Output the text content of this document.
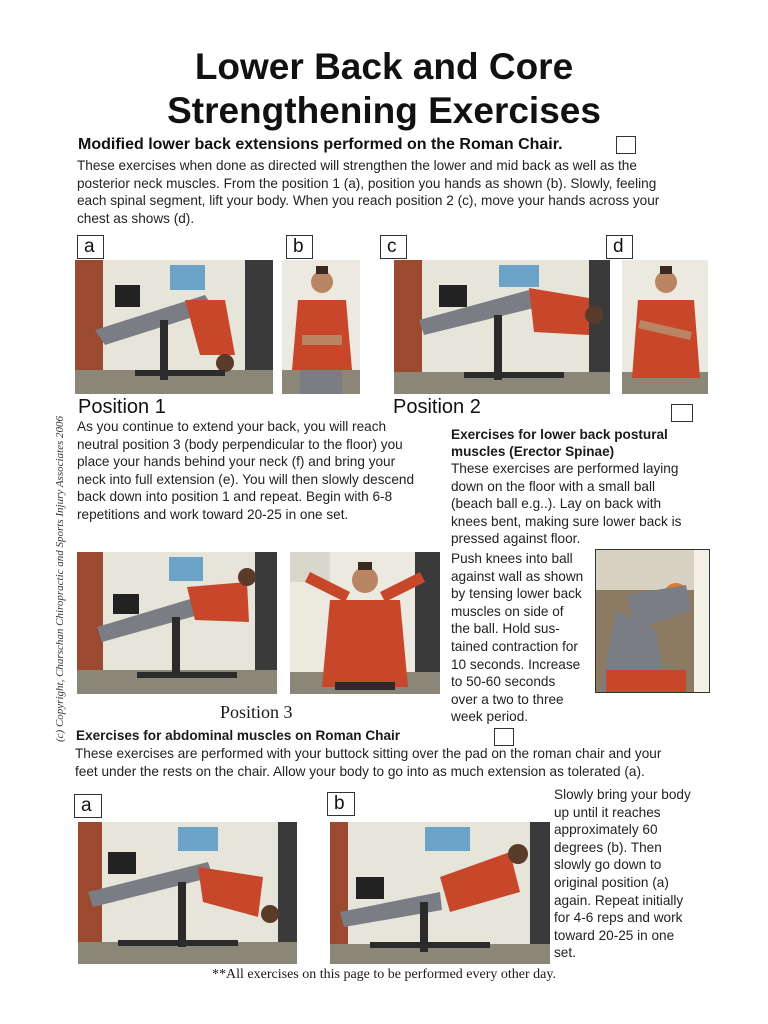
Lower Back and Core
Strengthening Exercises
(c) Copyright, Charschan Chiropractic and Sports Injury Associates 2006
Modified lower back extensions performed on the Roman Chair.
These exercises when done as directed will strengthen the lower and mid back as well as the
posterior neck muscles. From the position 1 (a), position you hands as shown (b). Slowly, feeling
each spinal segment, lift your body. When you reach position 2 (c), move your hands across your
chest as shows (d).
a	b	c	d
Position 1	Position 2
As you continue to extend your back, you will reach
neutral position 3 (body perpendicular to the floor) you
place your hands behind your neck (f) and bring your
neck into full extension (e). You will then slowly descend
back down into position 1 and repeat. Begin with 6-8
repetitions and work toward 20-25 in one set.
Exercises for lower back postural
muscles (Erector Spinae)
These exercises are performed laying
down on the floor with a small ball
(beach ball e.g..). Lay on back with
knees bent, making sure lower back is
pressed against floor.
Push knees into ball
against wall as shown
by tensing lower back
muscles on side of
the ball. Hold sus-
tained contraction for
10 seconds. Increase
to 50-60 seconds
over a two to three
week period.
Position 3
Exercises for abdominal muscles on Roman Chair
These exercises are performed with your buttock sitting over the pad on the roman chair and your
feet under the rests on the chair. Allow your body to go into as much extension as tolerated (a).
a	b	Slowly bring your body
up until it reaches
approximately 60
degrees (b). Then
slowly go down to
original position (a)
again. Repeat initially
for 4-6 reps and work
toward 20-25 in one
set.
**All exercises on this page to be performed every other day.
